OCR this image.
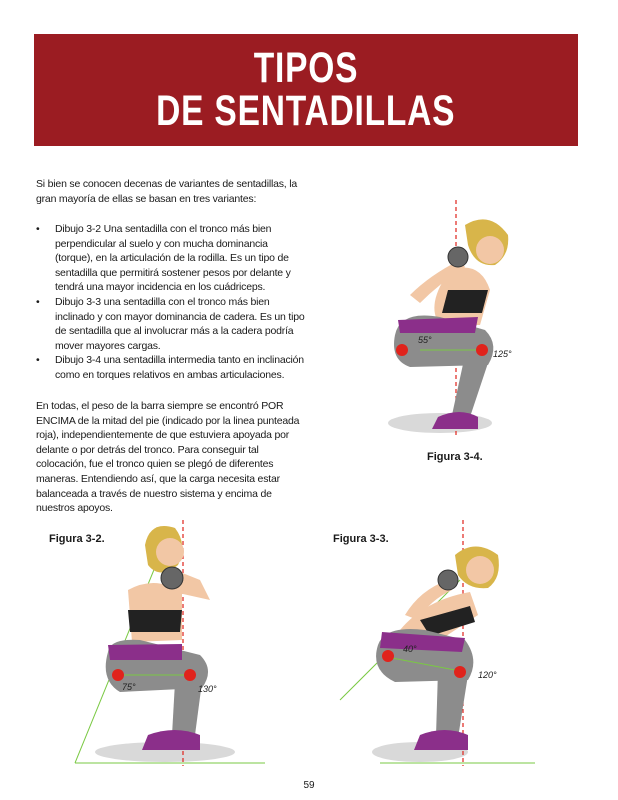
TIPOS
DE SENTADILLAS

Si bien se conocen decenas de variantes de sentadillas, la gran mayoría de ellas se basan en tres variantes:

• Dibujo 3-2 Una sentadilla con el tronco más bien perpendicular al suelo y con mucha dominancia (torque), en la articulación de la rodilla. Es un tipo de sentadilla que permitirá sostener pesos por delante y tendrá una mayor incidencia en los cuádriceps.
• Dibujo 3-3 una sentadilla con el tronco más bien inclinado y con mayor dominancia de cadera. Es un tipo de sentadilla que al involucrar más a la cadera podría mover mayores cargas.
• Dibujo 3-4 una sentadilla intermedia tanto en inclinación como en torques relativos en ambas articulaciones.

En todas, el peso de la barra siempre se encontró POR ENCIMA de la mitad del pie (indicado por la linea punteada roja), independientemente de que estuviera apoyada por delante o por detrás del tronco. Para conseguir tal colocación, fue el tronco quien se plegó de diferentes maneras. Entendiendo así, que la carga necesita estar balanceada a través de nuestro sistema y encima de nuestros apoyos.

55°
125°
Figura 3-4.
Figura 3-2.
75°	130°
Figura 3-3.
40°
120°
59
